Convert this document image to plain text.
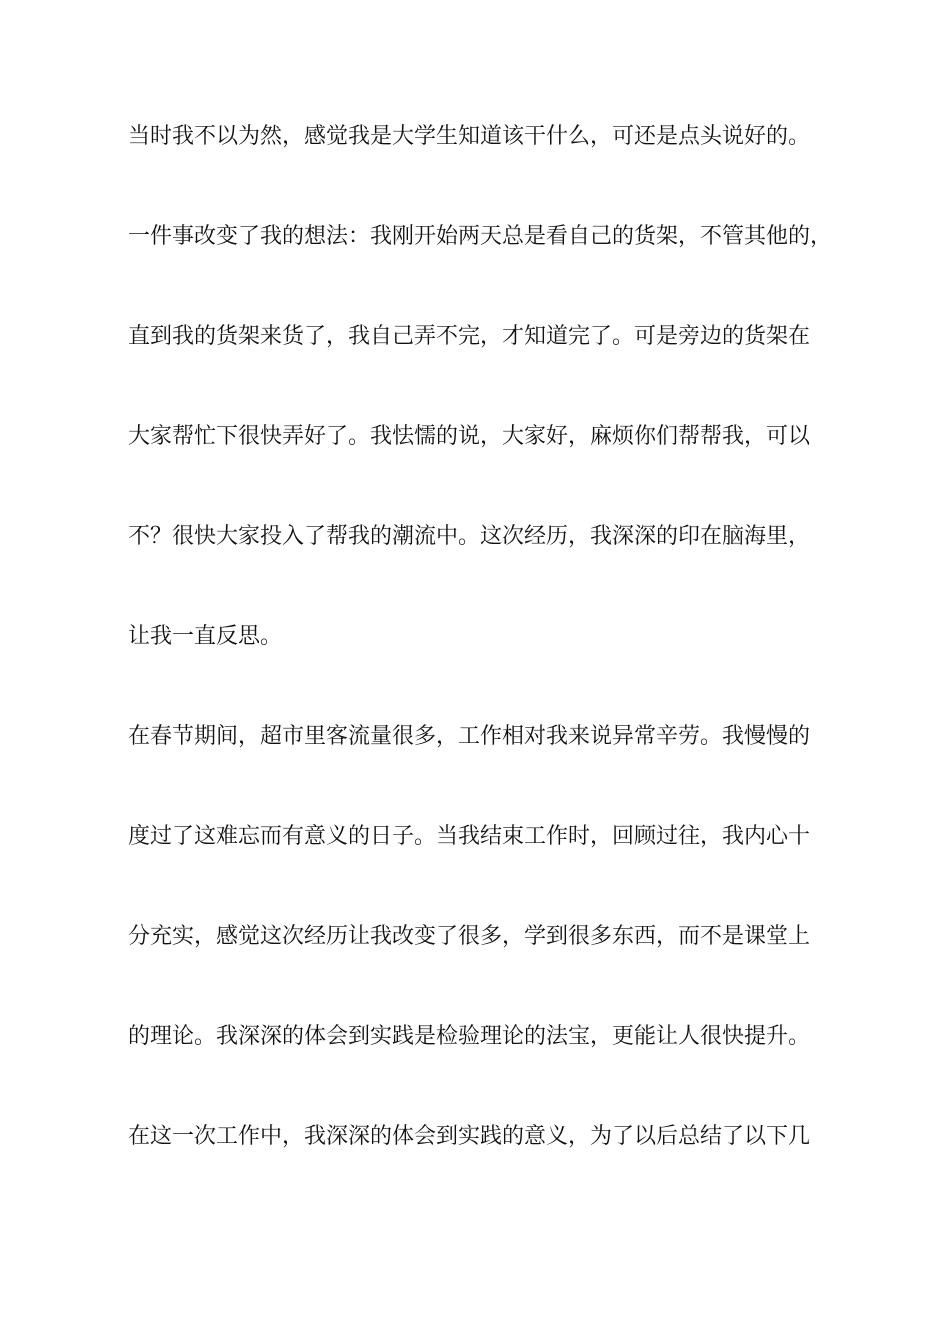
当时我不以为然，感觉我是大学生知道该干什么，可还是点头说好的。
一件事改变了我的想法：我刚开始两天总是看自己的货架，不管其他的，
直到我的货架来货了，我自己弄不完，才知道完了。可是旁边的货架在
大家帮忙下很快弄好了。我怯懦的说，大家好，麻烦你们帮帮我，可以
不？很快大家投入了帮我的潮流中。这次经历，我深深的印在脑海里，
让我一直反思。
在春节期间，超市里客流量很多，工作相对我来说异常辛劳。我慢慢的
度过了这难忘而有意义的日子。当我结束工作时，回顾过往，我内心十
分充实，感觉这次经历让我改变了很多，学到很多东西，而不是课堂上
的理论。我深深的体会到实践是检验理论的法宝，更能让人很快提升。
在这一次工作中，我深深的体会到实践的意义，为了以后总结了以下几
